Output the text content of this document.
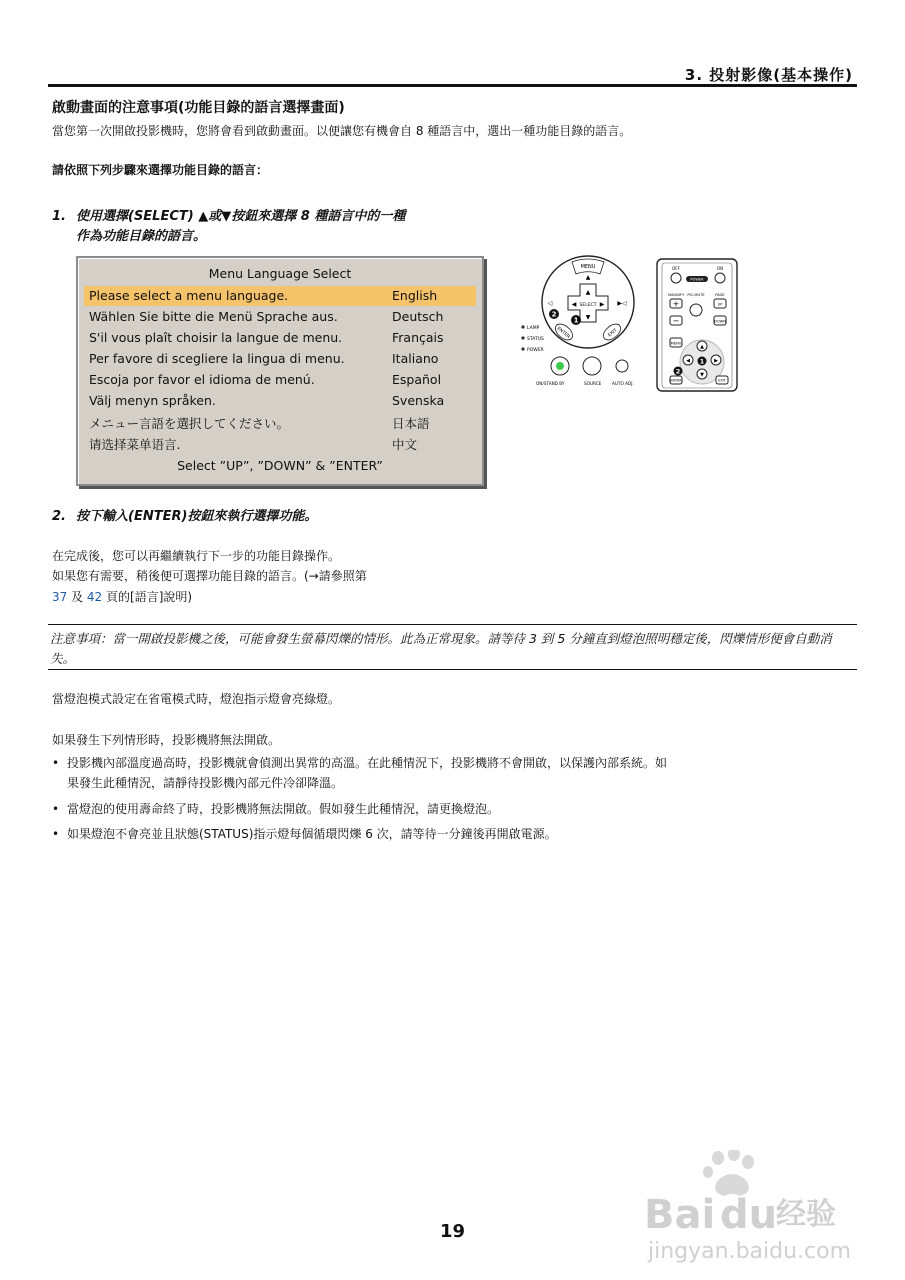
3. 投射影像(基本操作)
啟動畫面的注意事項(功能目錄的語言選擇畫面)
當您第一次開啟投影機時，您將會看到啟動畫面。以便讓您有機會自 8 種語言中，選出一種功能目錄的語言。
請依照下列步驟來選擇功能目錄的語言：
1. 使用選擇(SELECT) ▲或▼按鈕來選擇 8 種語言中的一種
作為功能目錄的語言。
Menu Language Select
Please select a menu language.	English
Wählen Sie bitte die Menü Sprache aus.	Deutsch
S'il vous plaît choisir la langue de menu.	Français
Per favore di scegliere la lingua di menu.	Italiano
Escoja por favor el idioma de menú.	Español
Välj menyn språken.	Svenska
メニュー言語を選択してください。	日本語
请选择菜单语言.	中文
Select ”UP”, ”DOWN” & ”ENTER”
MENU
▲
SELECT
▲
▼
◀	▶ ▶◁
◁
2
1
ENTER	EXIT
LAMP
STATUS
POWER
ON/STAND BY	SOURCE	AUTO ADJ.
OFF	ON
POWER
MAGNIFY PIC-MUTE	PAGE
+
−
UP
DOWN
MENU
▲
◀	▶
▼
1
2
ENTER	EXIT
2. 按下輸入(ENTER)按鈕來執行選擇功能。
在完成後，您可以再繼續執行下一步的功能目錄操作。
如果您有需要，稍後便可選擇功能目錄的語言。(→請參照第
37 及 42 頁的[語言]說明)
注意事項：當一開啟投影機之後，可能會發生螢幕閃爍的情形。此為正常現象。請等待 3 到 5 分鐘直到燈泡照明穩定後，閃爍情形便會自動消失。
當燈泡模式設定在省電模式時，燈泡指示燈會亮綠燈。
如果發生下列情形時，投影機將無法開啟。
• 投影機內部溫度過高時，投影機就會偵測出異常的高溫。在此種情況下，投影機將不會開啟，以保護內部系統。如
果發生此種情況，請靜待投影機內部元件冷卻降溫。
• 當燈泡的使用壽命終了時，投影機將無法開啟。假如發生此種情況，請更換燈泡。
• 如果燈泡不會亮並且狀態(STATUS)指示燈每個循環閃爍 6 次，請等待一分鐘後再開啟電源。
19	Bai du
经验
jingyan.baidu.com
